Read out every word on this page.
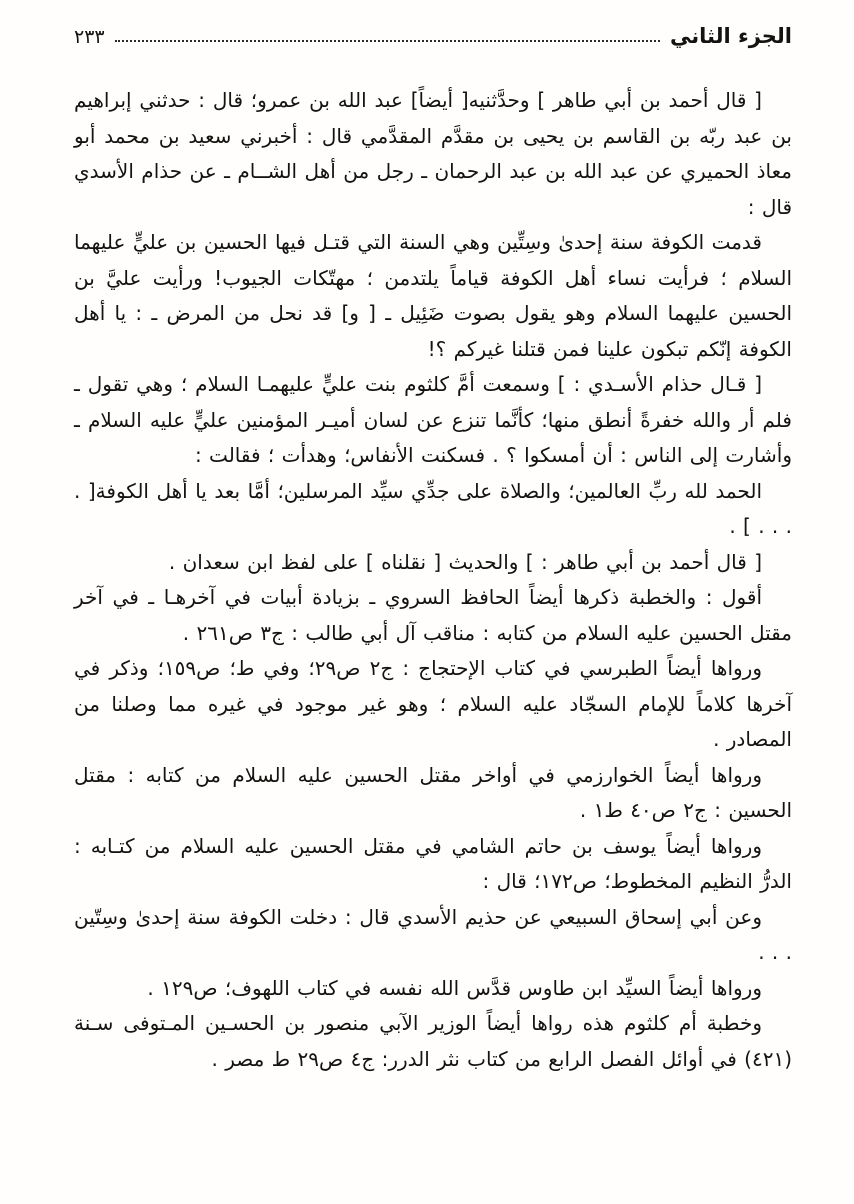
الجزء الثاني
٢٣٣

[ قال أحمد بن أبي طاهر ] وحدَّثنيه[ أيضاً] عبد الله بن عمرو؛ قال : حدثني إبراهيم بن عبد ربّه بن القاسم بن يحيى بن مقدَّم المقدَّمي قال : أخبرني سعيد بن محمد أبو معاذ الحميري عن عبد الله بن عبد الرحمان ـ رجل من أهل الشــام ـ عن حذام الأسدي قال :

قدمت الكوفة سنة إحدىٰ وسِتِّين وهي السنة التي قتـل فيها الحسين بن عليٍّ عليهما السلام ؛ فرأيت نساء أهل الكوفة قياماً يلتدمن ؛ مهتّكات الجيوب! ورأيت عليَّ بن الحسين عليهما السلام وهو يقول بصوت ضَئِيل ـ [ و] قد نحل من المرض ـ : يا أهل الكوفة إنّكم تبكون علينا فمن قتلنا غيركم ؟!

[ قـال حذام الأسـدي : ] وسمعت أمَّ كلثوم بنت عليٍّ عليهمـا السلام ؛ وهي تقول ـ فلم أر والله خفرةً أنطق منها؛ كأنَّما تنزع عن لسان أميـر المؤمنين عليٍّ عليه السلام ـ وأشارت إلى الناس : أن أمسكوا ؟ . فسكنت الأنفاس؛ وهدأت ؛ فقالت :

الحمد لله ربِّ العالمين؛ والصلاة على جدِّي سيِّد المرسلين؛ أمَّا بعد يا أهل الكوفة[ . . . . ] .

[ قال أحمد بن أبي طاهر : ] والحديث [ نقلناه ] على لفظ ابن سعدان .

أقول : والخطبة ذكرها أيضاً الحافظ السروي ـ بزيادة أبيات في آخرهـا ـ في آخر مقتل الحسين عليه السلام من كتابه : مناقب آل أبي طالب : ج٣ ص٢٦١ .

ورواها أيضاً الطبرسي في كتاب الإحتجاج : ج٢ ص٢٩؛ وفي ط؛ ص١٥٩؛ وذكر في آخرها كلاماً للإمام السجّاد عليه السلام ؛ وهو غير موجود في غيره مما وصلنا من المصادر .

ورواها أيضاً الخوارزمي في أواخر مقتل الحسين عليه السلام من كتابه : مقتل الحسين : ج٢ ص٤٠ ط١ .

ورواها أيضاً يوسف بن حاتم الشامي في مقتل الحسين عليه السلام من كتـابه : الدرُّ النظيم المخطوط؛ ص١٧٢؛ قال :

وعن أبي إسحاق السبيعي عن حذيم الأسدي قال : دخلت الكوفة سنة إحدىٰ وسِتّين . . .

ورواها أيضاً السيِّد ابن طاوس قدَّس الله نفسه في كتاب اللهوف؛ ص١٢٩ .

وخطبة أم كلثوم هذه رواها أيضاً الوزير الآبي منصور بن الحسـين المـتوفى سـنة (٤٢١) في أوائل الفصل الرابع من كتاب نثر الدرر: ج٤ ص٢٩ ط مصر .
